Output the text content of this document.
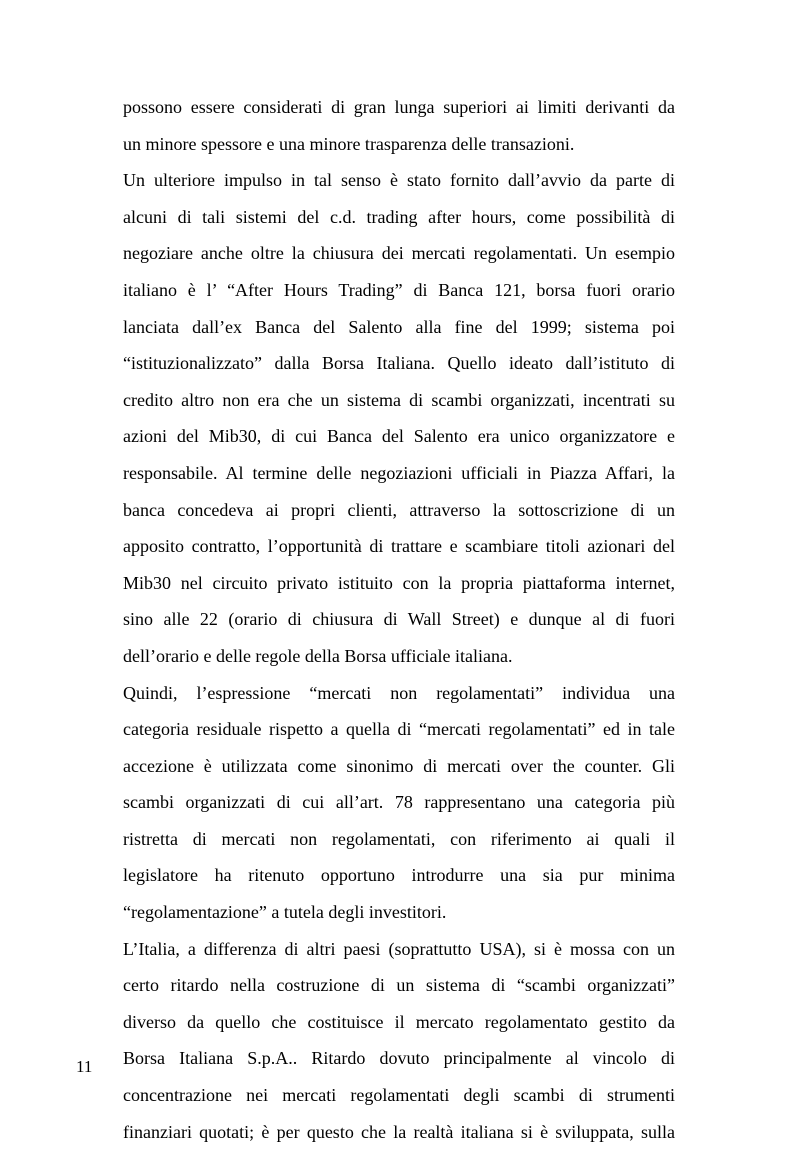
possono essere considerati di gran lunga superiori ai limiti derivanti da
un minore spessore e una minore trasparenza delle transazioni.

Un ulteriore impulso in tal senso è stato fornito dall’avvio da parte di
alcuni di tali sistemi del c.d. trading after hours, come possibilità di
negoziare anche oltre la chiusura dei mercati regolamentati. Un esempio
italiano è l’ “After Hours Trading” di Banca 121, borsa fuori orario
lanciata dall’ex Banca del Salento alla fine del 1999; sistema poi
“istituzionalizzato” dalla Borsa Italiana. Quello ideato dall’istituto di
credito altro non era che un sistema di scambi organizzati, incentrati su
azioni del Mib30, di cui Banca del Salento era unico organizzatore e
responsabile. Al termine delle negoziazioni ufficiali in Piazza Affari, la
banca concedeva ai propri clienti, attraverso la sottoscrizione di un
apposito contratto, l’opportunità di trattare e scambiare titoli azionari del
Mib30 nel circuito privato istituito con la propria piattaforma internet,
sino alle 22 (orario di chiusura di Wall Street) e dunque al di fuori
dell’orario e delle regole della Borsa ufficiale italiana.

Quindi, l’espressione “mercati non regolamentati” individua una
categoria residuale rispetto a quella di “mercati regolamentati” ed in tale
accezione è utilizzata come sinonimo di mercati over the counter. Gli
scambi organizzati di cui all’art. 78 rappresentano una categoria più
ristretta di mercati non regolamentati, con riferimento ai quali il
legislatore ha ritenuto opportuno introdurre una sia pur minima
“regolamentazione” a tutela degli investitori.

L’Italia, a differenza di altri paesi (soprattutto USA), si è mossa con un
certo ritardo nella costruzione di un sistema di “scambi organizzati”
diverso da quello che costituisce il mercato regolamentato gestito da
Borsa Italiana S.p.A.. Ritardo dovuto principalmente al vincolo di
concentrazione nei mercati regolamentati degli scambi di strumenti
finanziari quotati; è per questo che la realtà italiana si è sviluppata, sulla

11
